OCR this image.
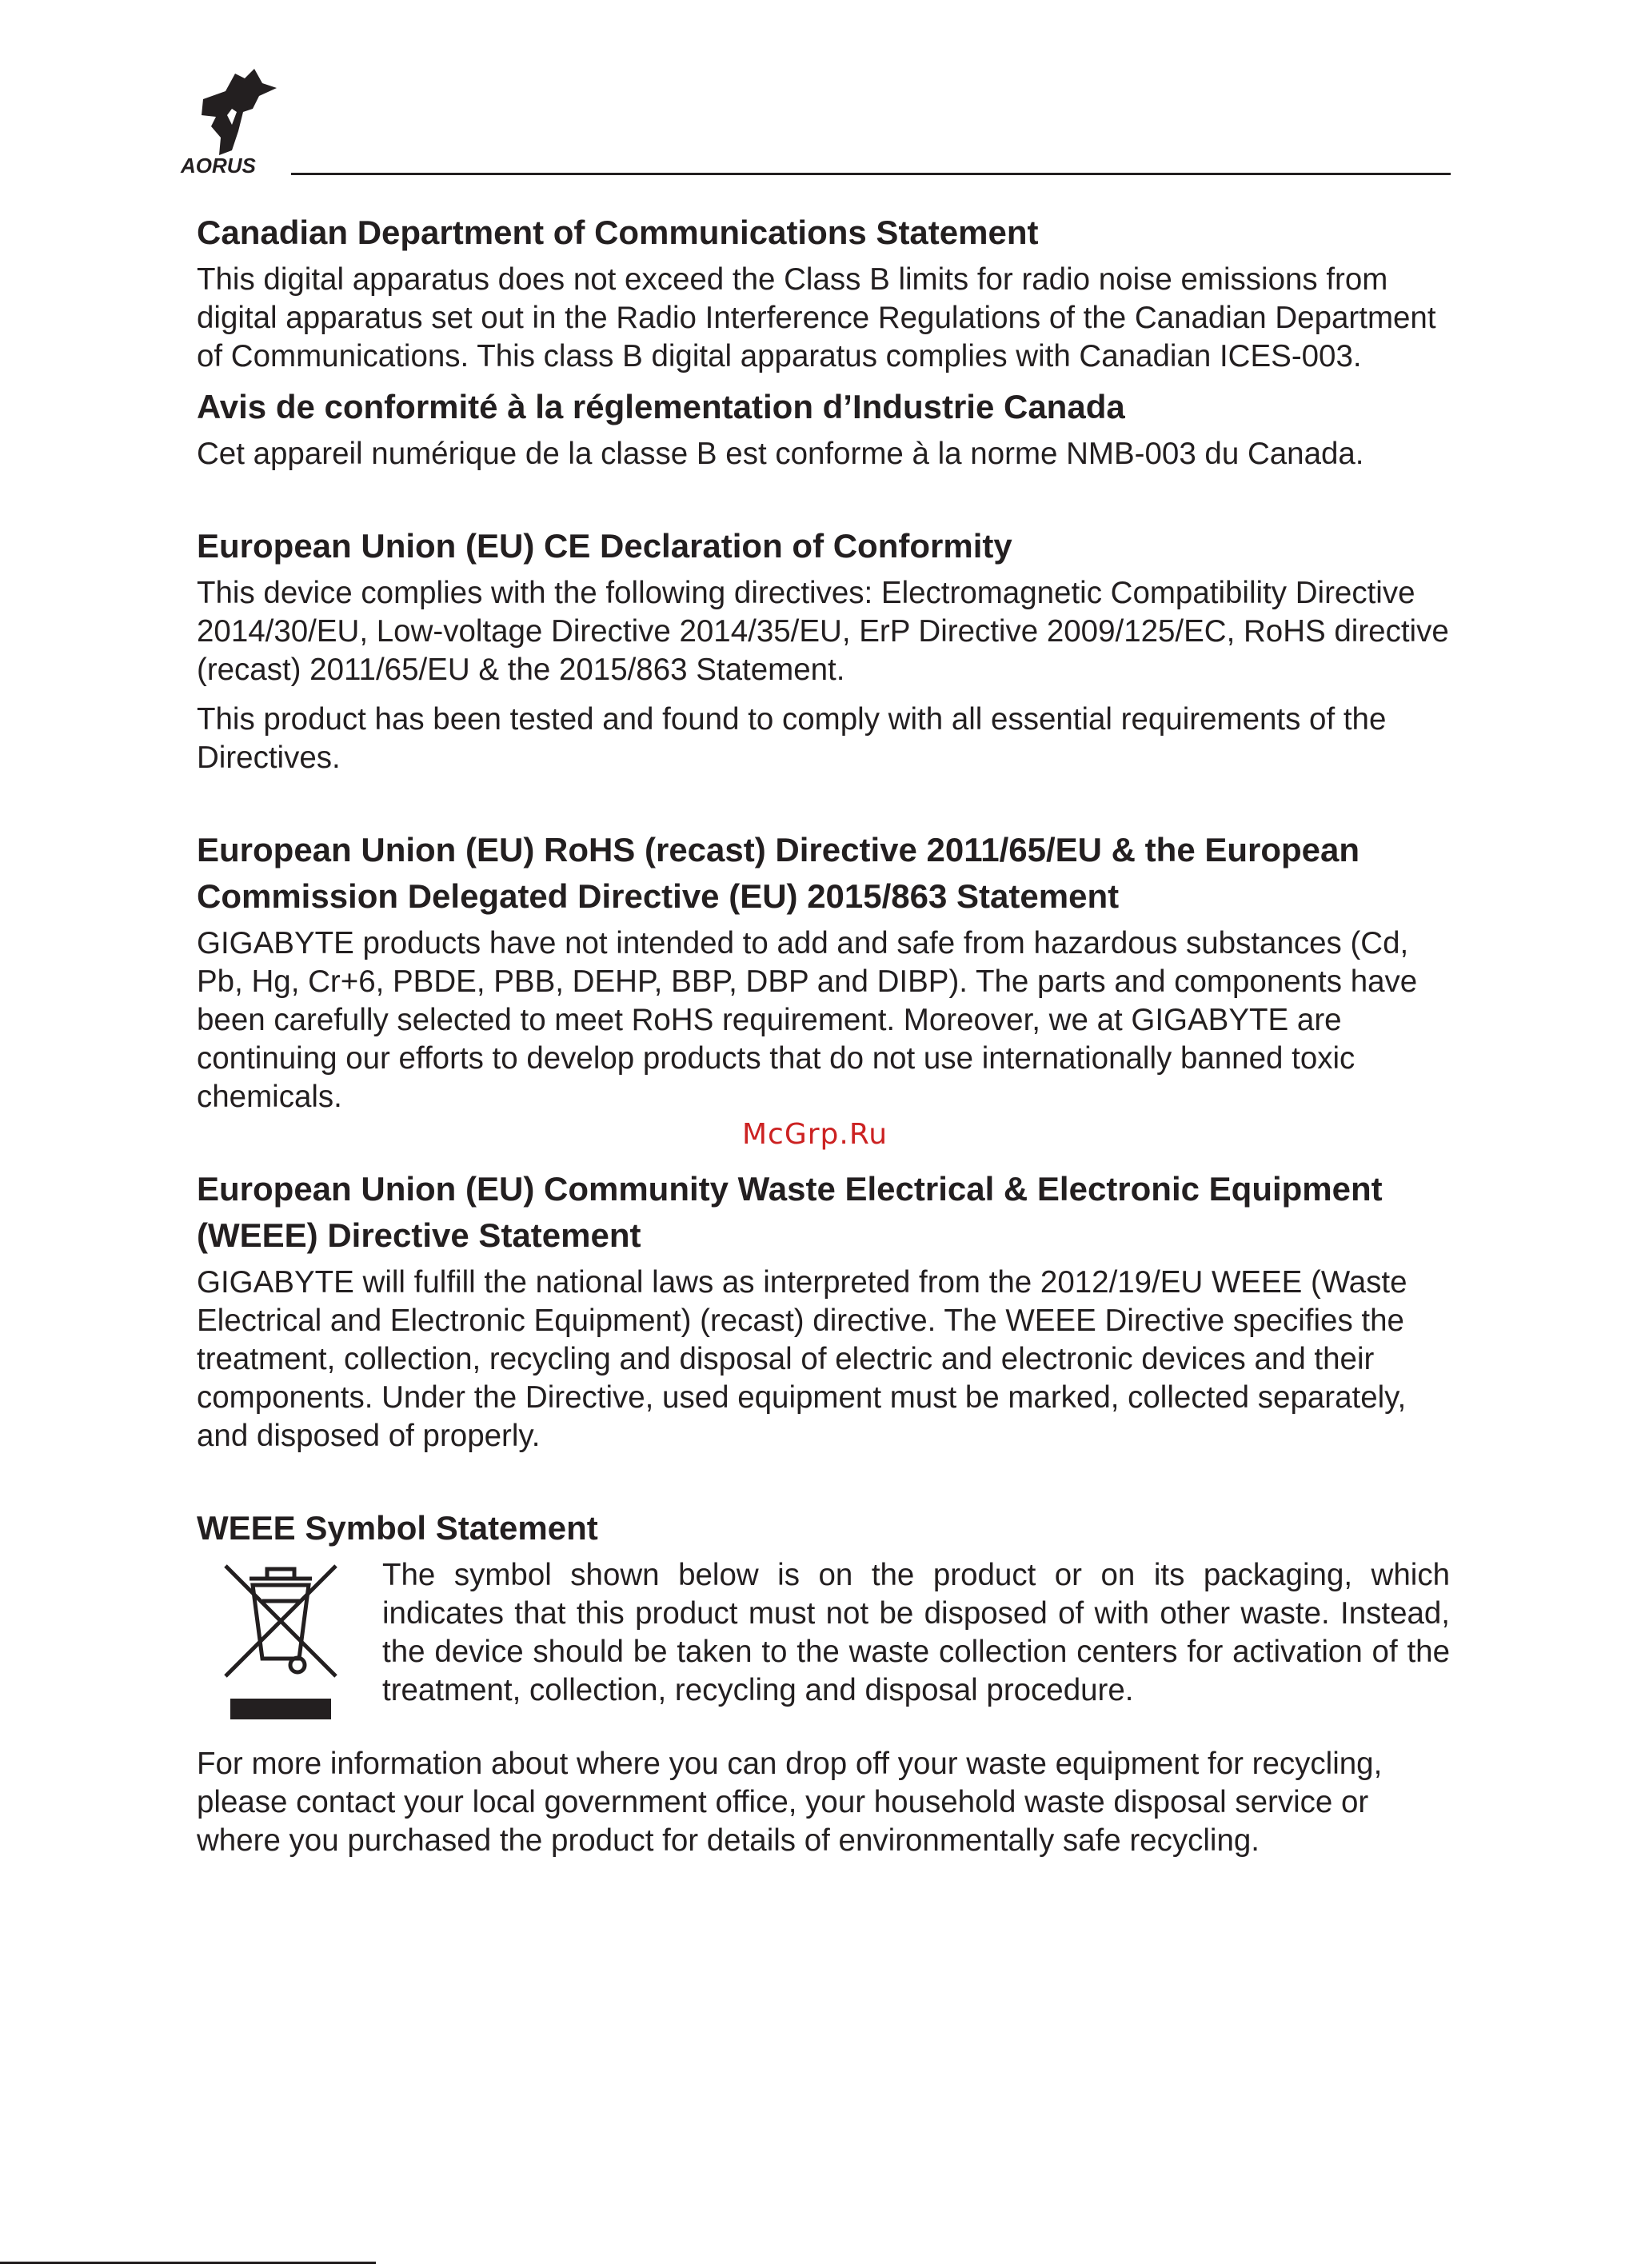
AORUS
Canadian Department of Communications Statement

This digital apparatus does not exceed the Class B limits for radio noise emissions from digital apparatus set out in the Radio Interference Regulations of the Canadian Department of Communications. This class B digital apparatus complies with Canadian ICES-003.

Avis de conformité à la réglementation d’Industrie Canada

Cet appareil numérique de la classe B est conforme à la norme NMB-003 du Canada.

European Union (EU) CE Declaration of Conformity

This device complies with the following directives: Electromagnetic Compatibility Directive 2014/30/EU, Low-voltage Directive 2014/35/EU, ErP Directive 2009/125/EC, RoHS directive (recast) 2011/65/EU & the 2015/863 Statement.

This product has been tested and found to comply with all essential requirements of the Directives.

European Union (EU) RoHS (recast) Directive 2011/65/EU & the European Commission Delegated Directive (EU) 2015/863 Statement

GIGABYTE products have not intended to add and safe from hazardous substances (Cd, Pb, Hg, Cr+6, PBDE, PBB, DEHP, BBP, DBP and DIBP). The parts and components have been carefully selected to meet RoHS requirement. Moreover, we at GIGABYTE are continuing our efforts to develop products that do not use internationally banned toxic chemicals.

European Union (EU) Community Waste Electrical & Electronic Equipment (WEEE) Directive Statement

GIGABYTE will fulfill the national laws as interpreted from the 2012/19/EU WEEE (Waste Electrical and Electronic Equipment) (recast) directive. The WEEE Directive specifies the treatment, collection, recycling and disposal of electric and electronic devices and their components. Under the Directive, used equipment must be marked, collected separately, and disposed of properly.

WEEE Symbol Statement

The symbol shown below is on the product or on its packaging, which indicates that this product must not be disposed of with other waste. Instead, the device should be taken to the waste collection centers for activation of the treatment, collection, recycling and disposal procedure.

For more information about where you can drop off your waste equipment for recycling, please contact your local government office, your household waste disposal service or where you purchased the product for details of environmentally safe recycling.

McGrp.Ru
